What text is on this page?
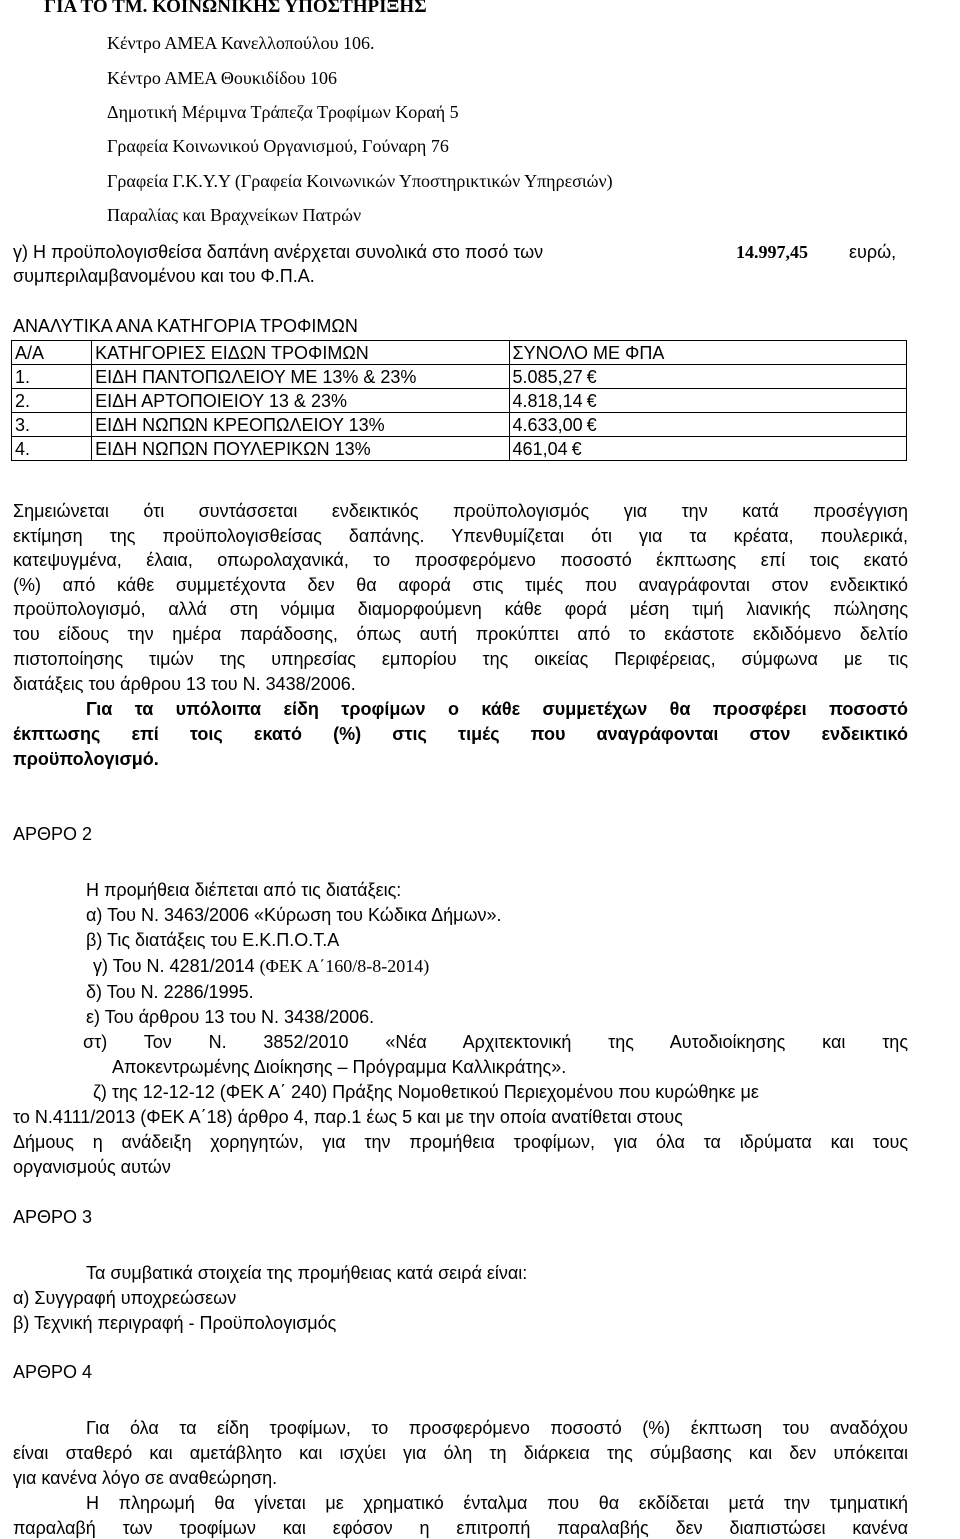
ΓΙΑ ΤΟ ΤΜ. ΚΟΙΝΩΝΙΚΗΣ ΥΠΟΣΤΗΡΙΞΗΣ
Κέντρο ΑΜΕΑ Κανελλοπούλου 106.
Κέντρο ΑΜΕΑ Θουκιδίδου 106
Δημοτική Μέριμνα Τράπεζα Τροφίμων Κοραή 5
Γραφεία Κοινωνικού Οργανισμού, Γούναρη 76
Γραφεία Γ.Κ.Υ.Υ (Γραφεία Κοινωνικών Υποστηρικτικών Υπηρεσιών)
Παραλίας και Βραχνείκων Πατρών
γ) Η προϋπολογισθείσα δαπάνη ανέρχεται συνολικά στο ποσό των	14.997,45 ευρώ,
συμπεριλαμβανομένου και του Φ.Π.Α.
ΑΝΑΛΥΤΙΚΑ ΑΝΑ ΚΑΤΗΓΟΡΙΑ ΤΡΟΦΙΜΩΝ
Α/Α	ΚΑΤΗΓΟΡΙΕΣ ΕΙΔΩΝ ΤΡΟΦΙΜΩΝ	ΣΥΝΟΛΟ ΜΕ ΦΠΑ
1.	ΕΙΔΗ ΠΑΝΤΟΠΩΛΕΙΟΥ ΜΕ 13% & 23%	5.085,27 €
2.	ΕΙΔΗ ΑΡΤΟΠΟΙΕΙΟΥ 13 & 23%	4.818,14 €
3.	ΕΙΔΗ ΝΩΠΩΝ ΚΡΕΟΠΩΛΕΙΟΥ 13%	4.633,00 €
4.	ΕΙΔΗ ΝΩΠΩΝ ΠΟΥΛΕΡΙΚΩΝ 13%	461,04 €
Σημειώνεται ότι συντάσσεται ενδεικτικός προϋπολογισμός για την κατά προσέγγιση
εκτίμηση της προϋπολογισθείσας δαπάνης. Υπενθυμίζεται ότι για τα κρέατα, πουλερικά,
κατεψυγμένα, έλαια, οπωρολαχανικά, το προσφερόμενο ποσοστό έκπτωσης επί τοις εκατό
(%) από κάθε συμμετέχοντα δεν θα αφορά στις τιμές που αναγράφονται στον ενδεικτικό
προϋπολογισμό, αλλά στη νόμιμα διαμορφούμενη κάθε φορά μέση τιμή λιανικής πώλησης
του είδους την ημέρα παράδοσης, όπως αυτή προκύπτει από το εκάστοτε εκδιδόμενο δελτίο
πιστοποίησης τιμών της υπηρεσίας εμπορίου της οικείας Περιφέρειας, σύμφωνα με τις
διατάξεις του άρθρου 13 του Ν. 3438/2006.
Για τα υπόλοιπα είδη τροφίμων ο κάθε συμμετέχων θα προσφέρει ποσοστό
έκπτωσης επί τοις εκατό (%) στις τιμές που αναγράφονται στον ενδεικτικό
προϋπολογισμό.
ΑΡΘΡΟ 2
Η προμήθεια διέπεται από τις διατάξεις:
α) Του Ν. 3463/2006 «Κύρωση του Κώδικα Δήμων».
β) Τις διατάξεις του Ε.Κ.Π.Ο.Τ.Α
γ) Του Ν. 4281/2014 (ΦΕΚ Α΄160/8-8-2014)
δ) Του Ν. 2286/1995.
ε) Του άρθρου 13 του Ν. 3438/2006.
στ) Τον Ν. 3852/2010 «Νέα Αρχιτεκτονική της Αυτοδιοίκησης και της
Αποκεντρωμένης Διοίκησης – Πρόγραμμα Καλλικράτης».
ζ) της 12-12-12 (ΦΕΚ Α΄ 240) Πράξης Νομοθετικού Περιεχομένου που κυρώθηκε με
το Ν.4111/2013 (ΦΕΚ Α΄18) άρθρο 4, παρ.1 έως 5 και με την οποία ανατίθεται στους
Δήμους η ανάδειξη χορηγητών, για την προμήθεια τροφίμων, για όλα τα ιδρύματα και τους
οργανισμούς αυτών
ΑΡΘΡΟ 3
Τα συμβατικά στοιχεία της προμήθειας κατά σειρά είναι:
α) Συγγραφή υποχρεώσεων
β) Τεχνική περιγραφή - Προϋπολογισμός
ΑΡΘΡΟ 4
Για όλα τα είδη τροφίμων, το προσφερόμενο ποσοστό (%) έκπτωση του αναδόχου
είναι σταθερό και αμετάβλητο και ισχύει για όλη τη διάρκεια της σύμβασης και δεν υπόκειται
για κανένα λόγο σε αναθεώρηση.
Η πληρωμή θα γίνεται με χρηματικό ένταλμα που θα εκδίδεται μετά την τμηματική
παραλαβή των τροφίμων και εφόσον η επιτροπή παραλαβής δεν διαπιστώσει κανένα
